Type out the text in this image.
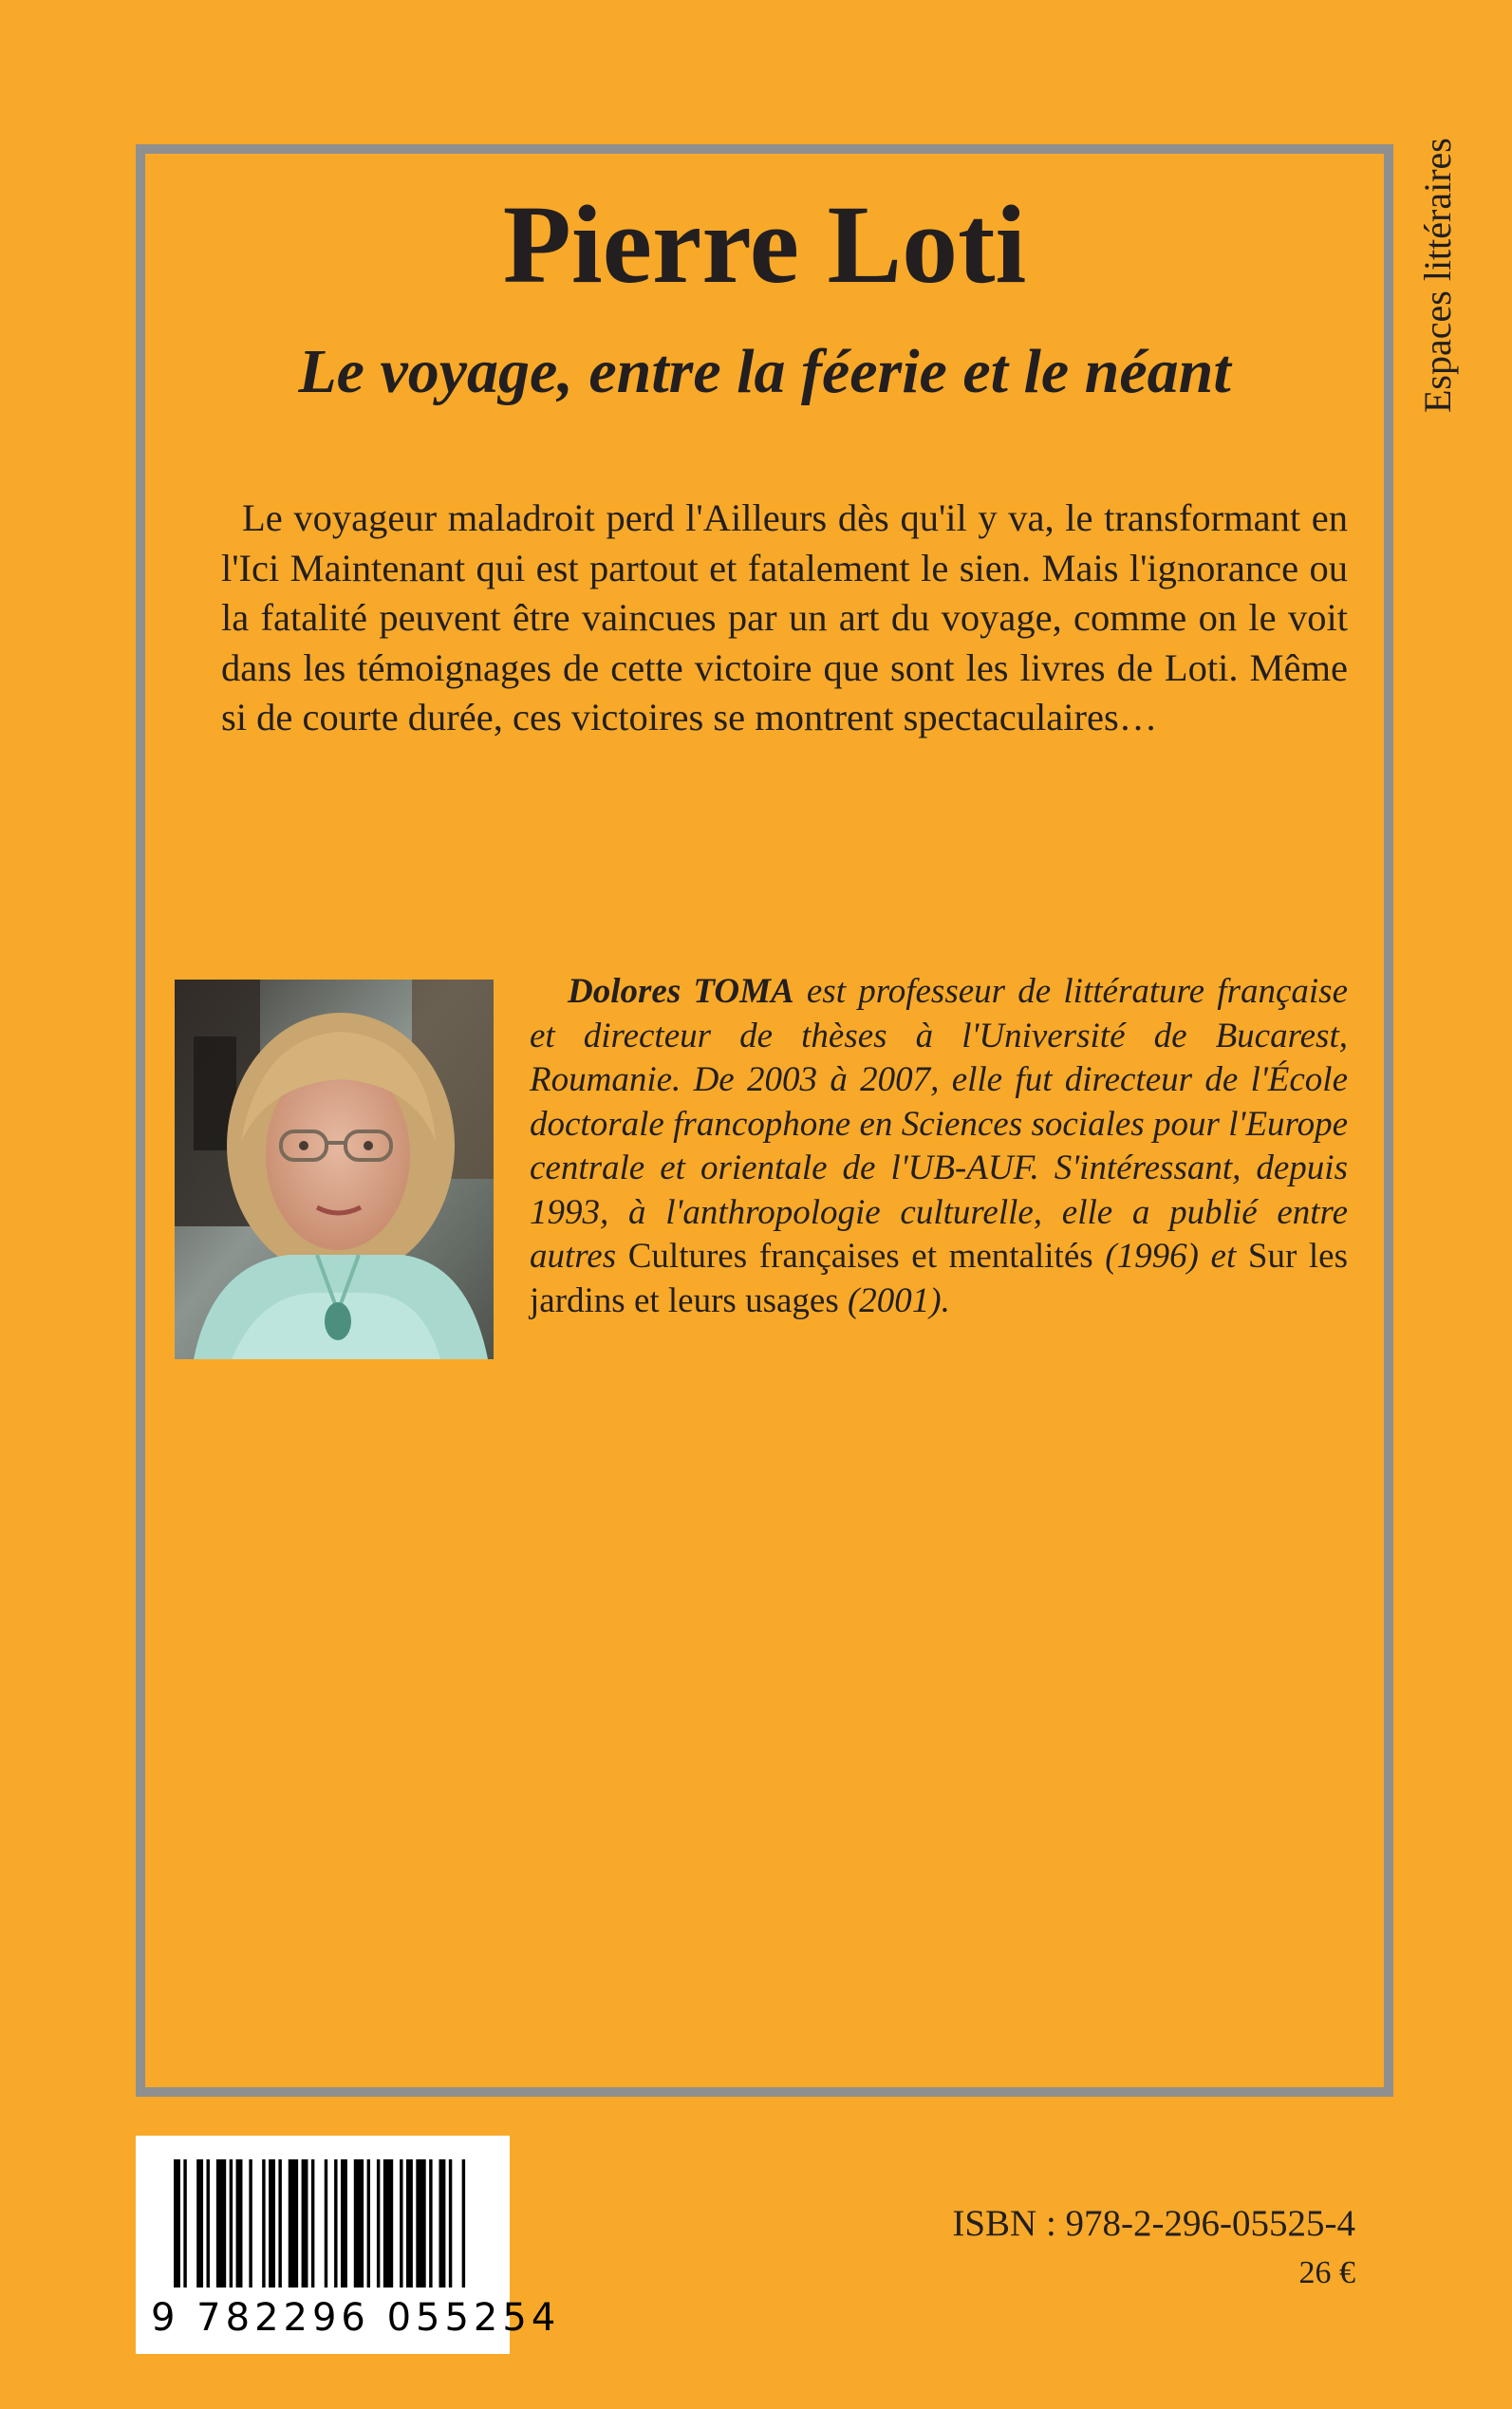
Espaces littéraires
Pierre Loti
Le voyage, entre la féerie et le néant

Le voyageur maladroit perd l'Ailleurs dès qu'il y va, le transformant en l'Ici Maintenant qui est partout et fatalement le sien. Mais l'ignorance ou la fatalité peuvent être vaincues par un art du voyage, comme on le voit dans les témoignages de cette victoire que sont les livres de Loti. Même si de courte durée, ces victoires se montrent spectaculaires…

Dolores TOMA est professeur de littérature française et directeur de thèses à l'Université de Bucarest, Roumanie. De 2003 à 2007, elle fut directeur de l'École doctorale francophone en Sciences sociales pour l'Europe centrale et orientale de l'UB-AUF. S'intéressant, depuis 1993, à l'anthropologie culturelle, elle a publié entre autres Cultures françaises et mentalités (1996) et Sur les jardins et leurs usages (2001).

9 782296 055254
ISBN : 978-2-296-05525-4
26 €
